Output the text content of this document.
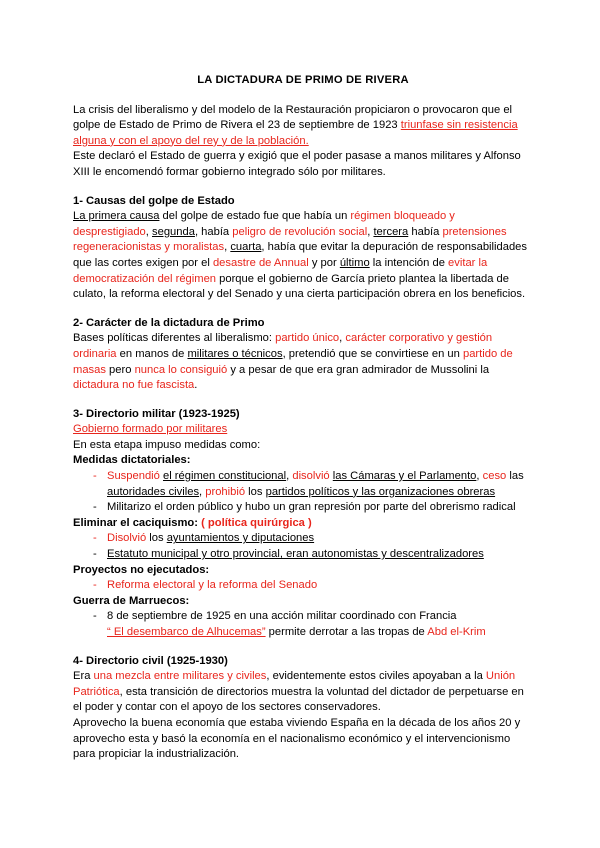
LA DICTADURA DE PRIMO DE RIVERA

La crisis del liberalismo y del modelo de la Restauración propiciaron o provocaron que el golpe de Estado de Primo de Rivera el 23 de septiembre de 1923 triunfase sin resistencia alguna y con el apoyo del rey y de la población.

Este declaró el Estado de guerra y exigió que el poder pasase a manos militares y Alfonso XIII le encomendó formar gobierno integrado sólo por militares.

1- Causas del golpe de Estado

La primera causa del golpe de estado fue que había un régimen bloqueado y desprestigiado, segunda, había peligro de revolución social, tercera había pretensiones regeneracionistas y moralistas, cuarta, había que evitar la depuración de responsabilidades que las cortes exigen por el desastre de Annual y por último la intención de evitar la democratización del régimen porque el gobierno de García prieto plantea la libertada de culato, la reforma electoral y del Senado y una cierta participación obrera en los beneficios.

2- Carácter de la dictadura de Primo

Bases políticas diferentes al liberalismo: partido único, carácter corporativo y gestión ordinaria en manos de militares o técnicos, pretendió que se convirtiese en un partido de masas pero nunca lo consiguió y a pesar de que era gran admirador de Mussolini la dictadura no fue fascista.

3- Directorio militar (1923-1925)

Gobierno formado por militares

En esta etapa impuso medidas como:

Medidas dictatoriales:

- Suspendió el régimen constitucional, disolvió las Cámaras y el Parlamento, ceso las autoridades civiles, prohibió los partidos políticos y las organizaciones obreras
- Militarizo el orden público y hubo un gran represión por parte del obrerismo radical

Eliminar el caciquismo: ( política quirúrgica )

- Disolvió los ayuntamientos y diputaciones
- Estatuto municipal y otro provincial, eran autonomistas y descentralizadores

Proyectos no ejecutados:

- Reforma electoral y la reforma del Senado

Guerra de Marruecos:

- 8 de septiembre de 1925 en una acción militar coordinado con Francia
“ El desembarco de Alhucemas” permite derrotar a las tropas de Abd el-Krim

4- Directorio civil (1925-1930)

Era una mezcla entre militares y civiles, evidentemente estos civiles apoyaban a la Unión Patriótica, esta transición de directorios muestra la voluntad del dictador de perpetuarse en el poder y contar con el apoyo de los sectores conservadores.

Aprovecho la buena economía que estaba viviendo España en la década de los años 20 y aprovecho esta y basó la economía en el nacionalismo económico y el intervencionismo para propiciar la industrialización.
